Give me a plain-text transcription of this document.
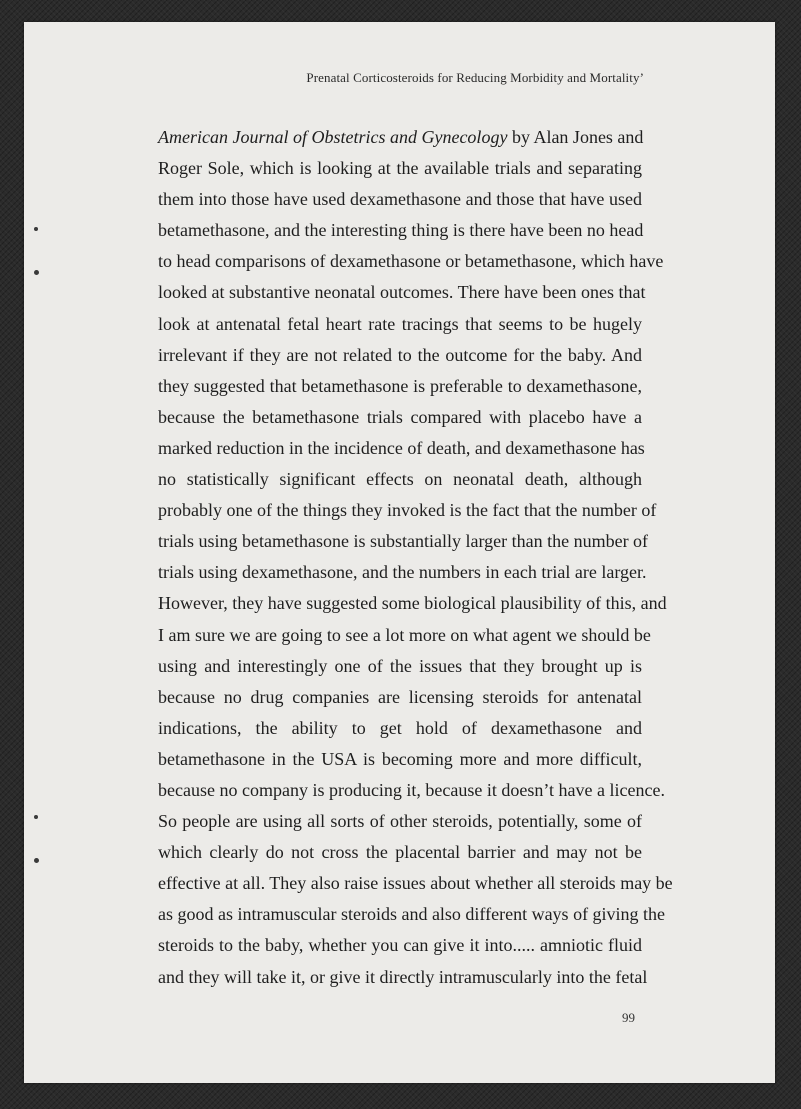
Prenatal Corticosteroids for Reducing Morbidity and Mortality’
American Journal of Obstetrics and Gynecology by Alan Jones and
Roger Sole, which is looking at the available trials and separating
them into those have used dexamethasone and those that have used
betamethasone, and the interesting thing is there have been no head
to head comparisons of dexamethasone or betamethasone, which have
looked at substantive neonatal outcomes. There have been ones that
look at antenatal fetal heart rate tracings that seems to be hugely
irrelevant if they are not related to the outcome for the baby. And
they suggested that betamethasone is preferable to dexamethasone,
because the betamethasone trials compared with placebo have a
marked reduction in the incidence of death, and dexamethasone has
no statistically significant effects on neonatal death, although
probably one of the things they invoked is the fact that the number of
trials using betamethasone is substantially larger than the number of
trials using dexamethasone, and the numbers in each trial are larger.
However, they have suggested some biological plausibility of this, and
I am sure we are going to see a lot more on what agent we should be
using and interestingly one of the issues that they brought up is
because no drug companies are licensing steroids for antenatal
indications, the ability to get hold of dexamethasone and
betamethasone in the USA is becoming more and more difficult,
because no company is producing it, because it doesn’t have a licence.
So people are using all sorts of other steroids, potentially, some of
which clearly do not cross the placental barrier and may not be
effective at all. They also raise issues about whether all steroids may be
as good as intramuscular steroids and also different ways of giving the
steroids to the baby, whether you can give it into..... amniotic fluid
and they will take it, or give it directly intramuscularly into the fetal
99
